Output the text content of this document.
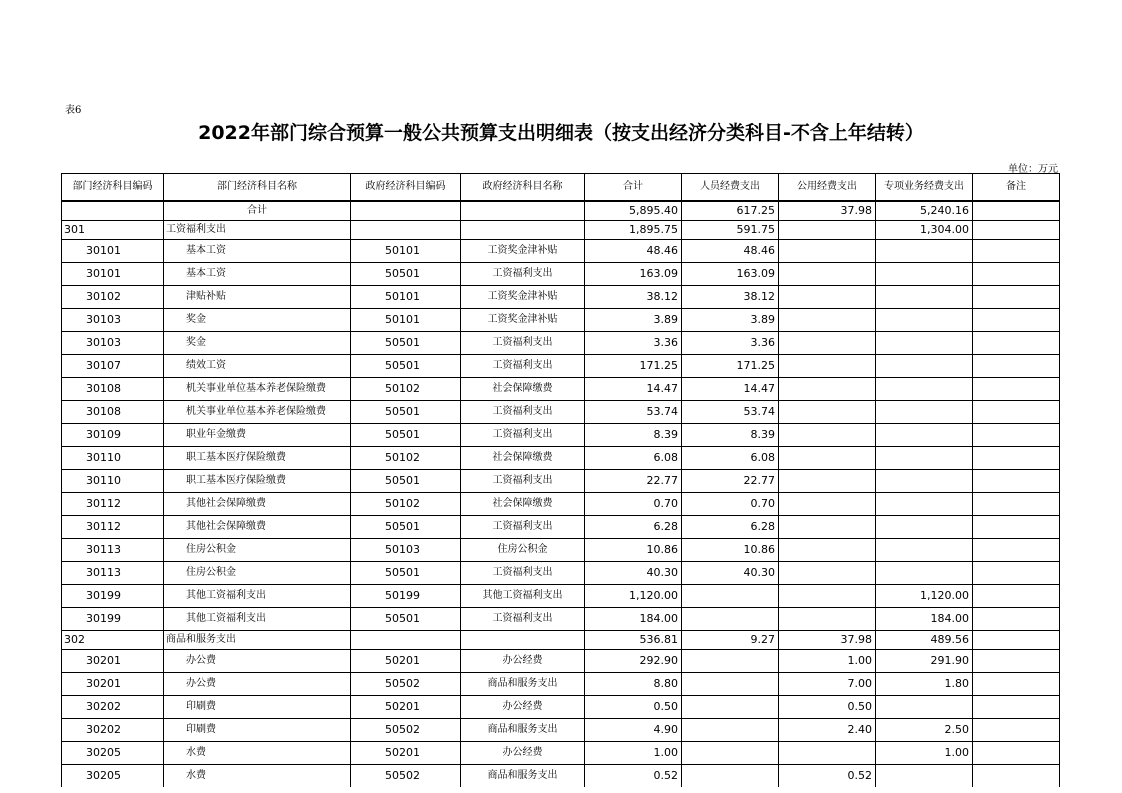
表6
2022年部门综合预算一般公共预算支出明细表（按支出经济分类科目-不含上年结转）
单位：万元
部门经济科目编码	部门经济科目名称	政府经济科目编码	政府经济科目名称	合计	人员经费支出	公用经费支出	专项业务经费支出	备注
	合计			5,895.40	617.25	37.98	5,240.16	
301	工资福利支出			1,895.75	591.75		1,304.00	
30101	基本工资	50101	工资奖金津补贴	48.46	48.46			
30101	基本工资	50501	工资福利支出	163.09	163.09			
30102	津贴补贴	50101	工资奖金津补贴	38.12	38.12			
30103	奖金	50101	工资奖金津补贴	3.89	3.89			
30103	奖金	50501	工资福利支出	3.36	3.36			
30107	绩效工资	50501	工资福利支出	171.25	171.25			
30108	机关事业单位基本养老保险缴费	50102	社会保障缴费	14.47	14.47			
30108	机关事业单位基本养老保险缴费	50501	工资福利支出	53.74	53.74			
30109	职业年金缴费	50501	工资福利支出	8.39	8.39			
30110	职工基本医疗保险缴费	50102	社会保障缴费	6.08	6.08			
30110	职工基本医疗保险缴费	50501	工资福利支出	22.77	22.77			
30112	其他社会保障缴费	50102	社会保障缴费	0.70	0.70			
30112	其他社会保障缴费	50501	工资福利支出	6.28	6.28			
30113	住房公积金	50103	住房公积金	10.86	10.86			
30113	住房公积金	50501	工资福利支出	40.30	40.30			
30199	其他工资福利支出	50199	其他工资福利支出	1,120.00			1,120.00	
30199	其他工资福利支出	50501	工资福利支出	184.00			184.00	
302	商品和服务支出			536.81	9.27	37.98	489.56	
30201	办公费	50201	办公经费	292.90		1.00	291.90	
30201	办公费	50502	商品和服务支出	8.80		7.00	1.80	
30202	印刷费	50201	办公经费	0.50		0.50		
30202	印刷费	50502	商品和服务支出	4.90		2.40	2.50	
30205	水费	50201	办公经费	1.00			1.00	
30205	水费	50502	商品和服务支出	0.52		0.52		
